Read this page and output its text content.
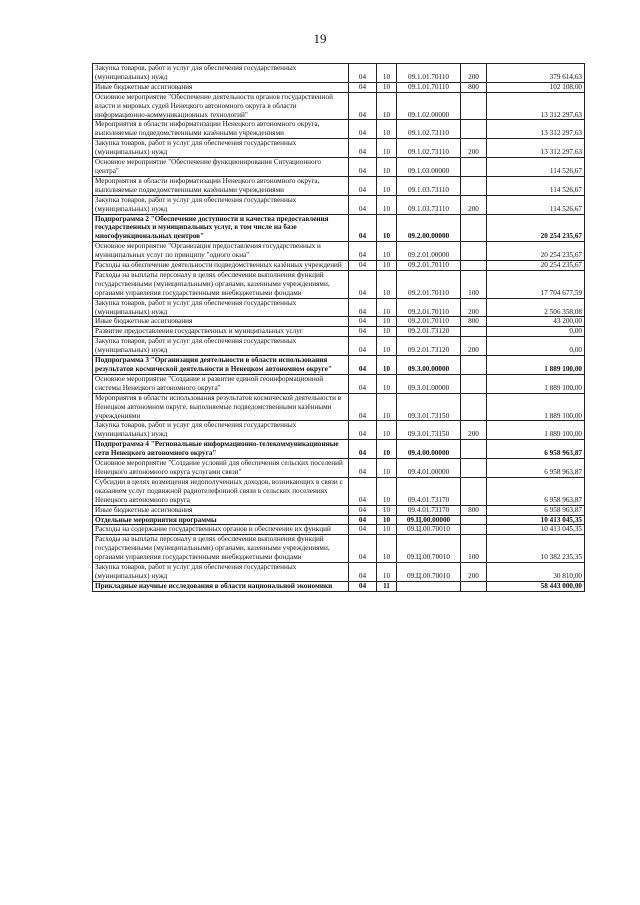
19
Закупка товаров, работ и услуг для обеспечения государственных (муниципальных) нужд	04	10	09.1.01.70110	200	379 614,63
Иные бюджетные ассигнования	04	10	09.1.01.70110	800	102 108,00
Основное мероприятие "Обеспечение деятельности органов государственной власти и мировых судей Ненецкого автономного округа в области информационно-коммуникационных технологий"	04	10	09.1.02.00000		13 312 297,63
Мероприятия в области информатизации Ненецкого автономного округа, выполняемые подведомственными казёнными учреждениями	04	10	09.1.02.73110		13 312 297,63
Закупка товаров, работ и услуг для обеспечения государственных (муниципальных) нужд	04	10	09.1.02.73110	200	13 312 297,63
Основное мероприятие "Обеспечение функционирования Ситуационного центра"	04	10	09.1.03.00000		114 526,67
Мероприятия в области информатизации Ненецкого автономного округа, выполняемые подведомственными казёнными учреждениями	04	10	09.1.03.73110		114 526,67
Закупка товаров, работ и услуг для обеспечения государственных (муниципальных) нужд	04	10	09.1.03.73110	200	114 526,67
Подпрограмма 2 "Обеспечение доступности и качества предоставления государственных и муниципальных услуг, в том числе на базе многофункциональных центров"	04	10	09.2.00.00000		20 254 235,67
Основное мероприятие "Организация предоставления государственных и муниципальных услуг по принципу "одного окна"	04	10	09.2.01.00000		20 254 235,67
Расходы на обеспечение деятельности подведомственных казённых учреждений	04	10	09.2.01.70110		20 254 235,67
Расходы на выплаты персоналу в целях обеспечения выполнения функций государственными (муниципальными) органами, казенными учреждениями, органами управления государственными внебюджетными фондами	04	10	09.2.01.70110	100	17 704 677,59
Закупка товаров, работ и услуг для обеспечения государственных (муниципальных) нужд	04	10	09.2.01.70110	200	2 506 358,08
Иные бюджетные ассигнования	04	10	09.2.01.70110	800	43 200,00
Развитие предоставления государственных и муниципальных услуг	04	10	09.2.01.73120		0,00
Закупка товаров, работ и услуг для обеспечения государственных (муниципальных) нужд	04	10	09.2.01.73120	200	0,00
Подпрограмма 3 "Организация деятельности в области использования результатов космической деятельности в Ненецком автономном округе"	04	10	09.3.00.00000		1 889 100,00
Основное мероприятие "Создание и развитие единой геоинформационной системы Ненецкого автономного округа"	04	10	09.3.01.00000		1 889 100,00
Мероприятия в области использования результатов космической деятельности в Ненецком автономном округе, выполняемые подведомственными казёнными учреждениями	04	10	09.3.01.73150		1 889 100,00
Закупка товаров, работ и услуг для обеспечения государственных (муниципальных) нужд	04	10	09.3.01.73150	200	1 889 100,00
Подпрограмма 4 "Региональные информационно-телекоммуникационные сети Ненецкого автономного округа"	04	10	09.4.00.00000		6 958 963,87
Основное мероприятие "Создание условий для обеспечения сельских поселений Ненецкого автономного округа услугами связи"	04	10	09.4.01.00000		6 958 963,87
Субсидии в целях возмещения недополученных доходов, возникающих в связи с оказанием услуг подвижной радиотелефонной связи в сельских поселениях Ненецкого автономного округа	04	10	09.4.01.73170		6 958 963,87
Иные бюджетные ассигнования	04	10	09.4.01.73170	800	6 958 963,87
Отдельные мероприятия программы	04	10	09.Ц.00.00000		10 413 045,35
Расходы на содержание государственных органов и обеспечение их функций	04	10	09.Ц.00.70010		10 413 045,35
Расходы на выплаты персоналу в целях обеспечения выполнения функций государственными (муниципальными) органами, казенными учреждениями, органами управления государственными внебюджетными фондами	04	10	09.Ц.00.70010	100	10 382 235,35
Закупка товаров, работ и услуг для обеспечения государственных (муниципальных) нужд	04	10	09.Ц.00.70010	200	30 810,00
Прикладные научные исследования в области национальной экономики	04	11			58 443 000,00
